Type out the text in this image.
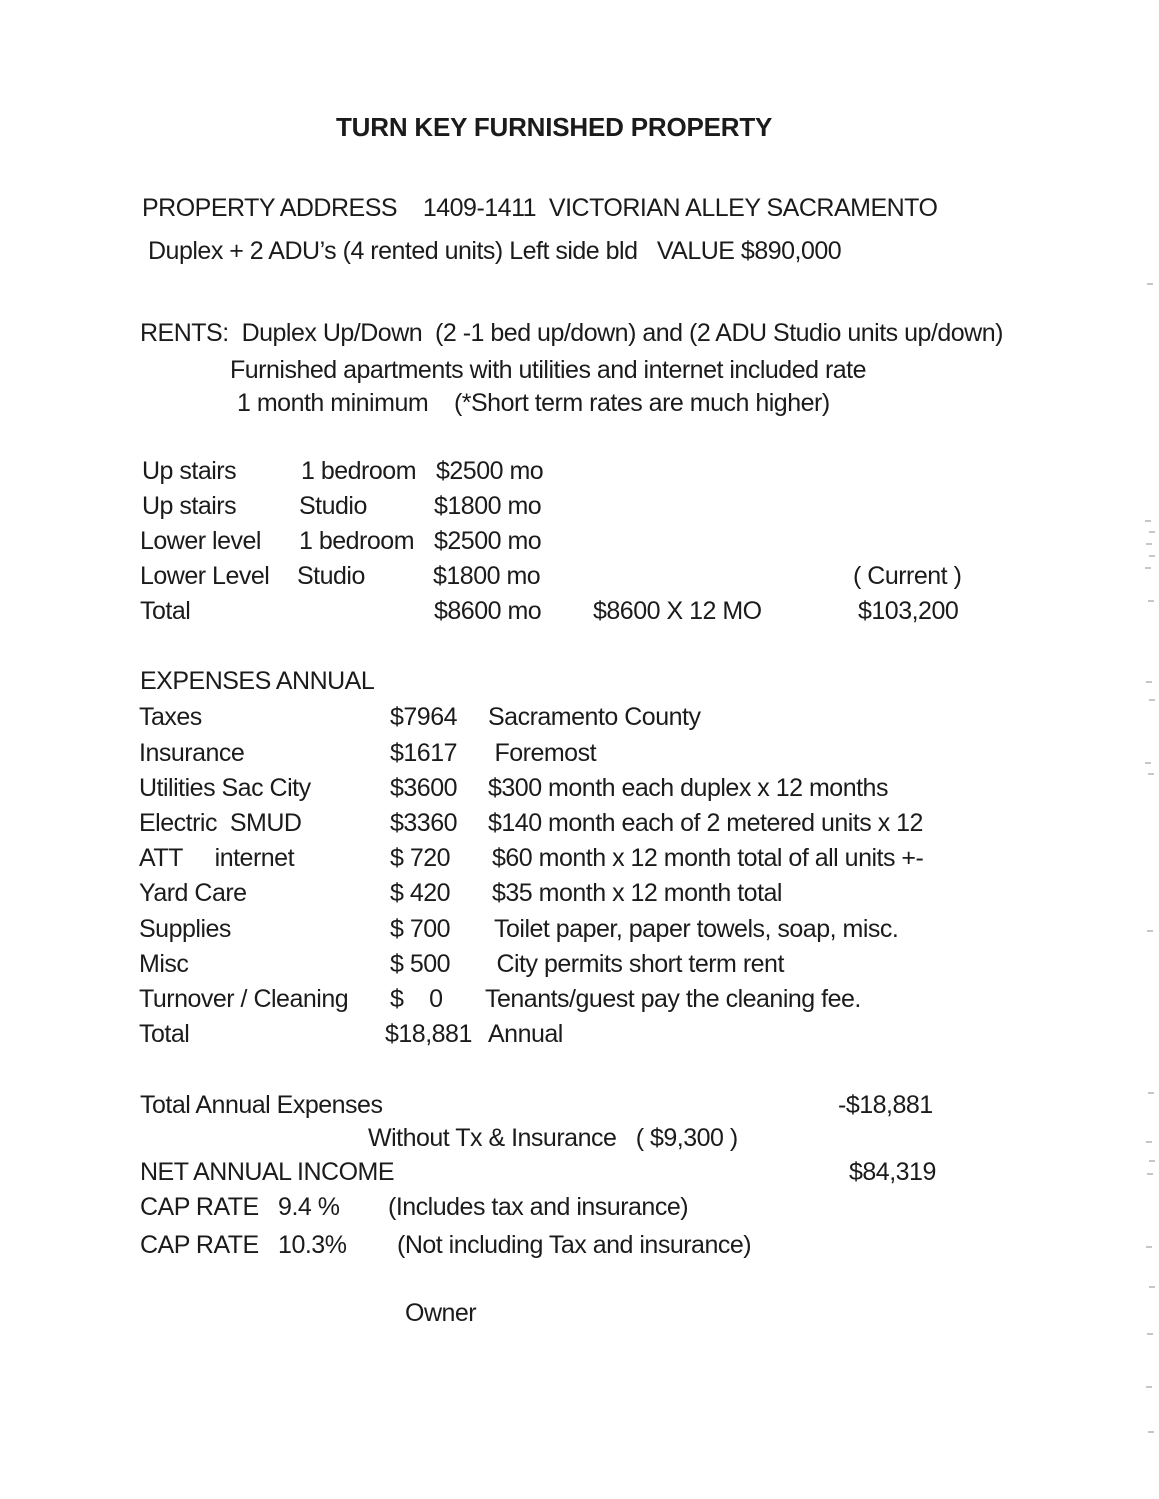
TURN KEY FURNISHED PROPERTY
PROPERTY ADDRESS    1409-1411  VICTORIAN ALLEY SACRAMENTO
Duplex + 2 ADU’s (4 rented units) Left side bld   VALUE $890,000
RENTS:  Duplex Up/Down  (2 -1 bed up/down) and (2 ADU Studio units up/down)
Furnished apartments with utilities and internet included rate
1 month minimum    (*Short term rates are much higher)
Up stairs	1 bedroom $2500 mo
Up stairs	Studio	$1800 mo
Lower level 1 bedroom $2500 mo
Lower Level Studio	$1800 mo	( Current )
Total	$8600 mo $8600 X 12 MO	$103,200
EXPENSES ANNUAL
Taxes	$7964 Sacramento County
Insurance	$1617 Foremost
Utilities Sac City	$3600 $300 month each duplex x 12 months
Electric  SMUD	$3360 $140 month each of 2 metered units x 12
ATT     internet	$ 720 $60 month x 12 month total of all units +-
Yard Care	$ 420 $35 month x 12 month total
Supplies	$ 700 Toilet paper, paper towels, soap, misc.
Misc	$ 500 City permits short term rent
Turnover / Cleaning $    0 Tenants/guest pay the cleaning fee.
Total	$18,881 Annual
Total Annual Expenses	-$18,881
Without Tx & Insurance   ( $9,300 )
NET ANNUAL INCOME	$84,319
CAP RATE   9.4 % (Includes tax and insurance)
CAP RATE   10.3% (Not including Tax and insurance)
Owner
